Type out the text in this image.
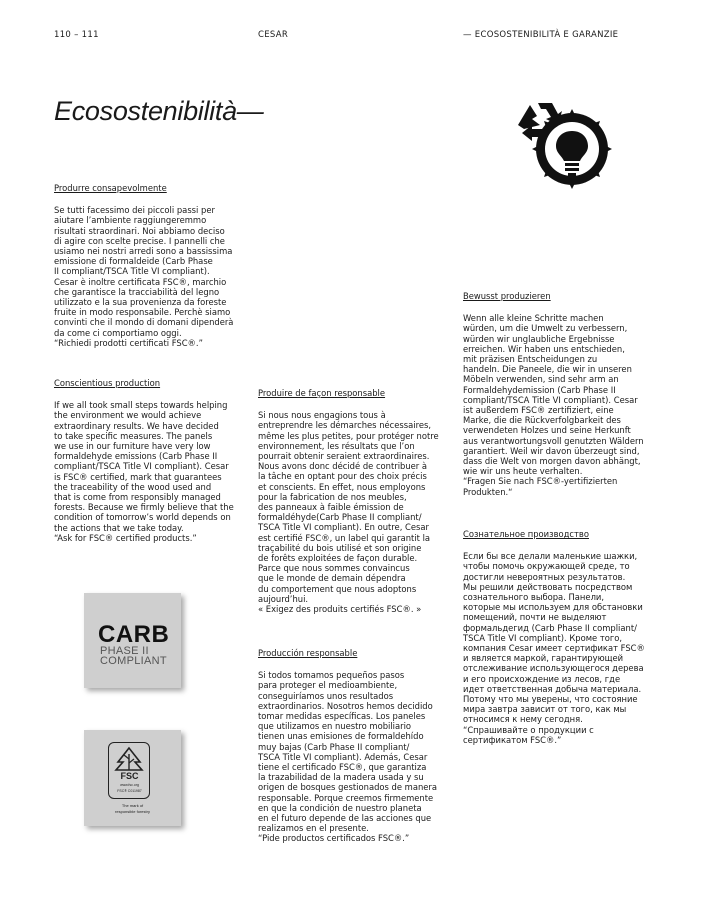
110 – 111	CESAR	— ECOSOSTENIBILITÀ E GARANZIE
Ecosostenibilità—
Produrre consapevolmente
Se tutti facessimo dei piccoli passi per
aiutare l’ambiente raggiungeremmo
risultati straordinari. Noi abbiamo deciso
di agire con scelte precise. I pannelli che
usiamo nei nostri arredi sono a bassissima
emissione di formaldeide (Carb Phase
II compliant/TSCA Title VI compliant).
Cesar è inoltre certificata FSC®, marchio
che garantisce la tracciabilità del legno
utilizzato e la sua provenienza da foreste
fruite in modo responsabile. Perchè siamo
convinti che il mondo di domani dipenderà
da come ci comportiamo oggi.
“Richiedi prodotti certificati FSC®.”
Conscientious production
If we all took small steps towards helping
the environment we would achieve
extraordinary results. We have decided
to take specific measures. The panels
we use in our furniture have very low
formaldehyde emissions (Carb Phase II
compliant/TSCA Title VI compliant). Cesar
is FSC® certified, mark that guarantees
the traceability of the wood used and
that is come from responsibly managed
forests. Because we firmly believe that the
condition of tomorrow’s world depends on
the actions that we take today.
“Ask for FSC® certified products.”
Produire de façon responsable
Si nous nous engagions tous à
entreprendre les démarches nécessaires,
même les plus petites, pour protéger notre
environnement, les résultats que l’on
pourrait obtenir seraient extraordinaires.
Nous avons donc décidé de contribuer à
la tâche en optant pour des choix précis
et conscients. En effet, nous employons
pour la fabrication de nos meubles,
des panneaux à faible émission de
formaldéhyde(Carb Phase II compliant/
TSCA Title VI compliant). En outre, Cesar
est certifié FSC®, un label qui garantit la
traçabilité du bois utilisé et son origine
de forêts exploitées de façon durable.
Parce que nous sommes convaincus
que le monde de demain dépendra
du comportement que nous adoptons
aujourd’hui.
« Exigez des produits certifiés FSC®. »
Producción responsable
Si todos tomamos pequeños pasos
para proteger el medioambiente,
conseguiríamos unos resultados
extraordinarios. Nosotros hemos decidido
tomar medidas específicas. Los paneles
que utilizamos en nuestro mobiliario
tienen unas emisiones de formaldehído
muy bajas (Carb Phase II compliant/
TSCA Title VI compliant). Además, Cesar
tiene el certificado FSC®, que garantiza
la trazabilidad de la madera usada y su
origen de bosques gestionados de manera
responsable. Porque creemos firmemente
en que la condición de nuestro planeta
en el futuro depende de las acciones que
realizamos en el presente.
“Pide productos certificados FSC®.”
Bewusst produzieren
Wenn alle kleine Schritte machen
würden, um die Umwelt zu verbessern,
würden wir unglaubliche Ergebnisse
erreichen. Wir haben uns entschieden,
mit präzisen Entscheidungen zu
handeln. Die Paneele, die wir in unseren
Möbeln verwenden, sind sehr arm an
Formaldehydemission (Carb Phase II
compliant/TSCA Title VI compliant). Cesar
ist außerdem FSC® zertifiziert, eine
Marke, die die Rückverfolgbarkeit des
verwendeten Holzes und seine Herkunft
aus verantwortungsvoll genutzten Wäldern
garantiert. Weil wir davon überzeugt sind,
dass die Welt von morgen davon abhängt,
wie wir uns heute verhalten.
“Fragen Sie nach FSC®-yertifizierten
Produkten.“
Сознательное производство
Если бы все делали маленькие шажки,
чтобы помочь окружающей среде, то
достигли невероятных результатов.
Мы решили действовать посредством
сознательного выбора. Панели,
которые мы используем для обстановки
помещений, почти не выделяют
формальдегид (Carb Phase II compliant/
TSCA Title VI compliant). Кроме того,
компания Cesar имеет сертификат FSC®
и является маркой, гарантирующей
отслеживание использующегося дерева
и его происхождение из лесов, где
идет ответственная добыча материала.
Потому что мы уверены, что состояние
мира завтра зависит от того, как мы
относимся к нему сегодня.
“Спрашивайте о продукции с
сертификатом FSC®.”
CARB
PHASE II
COMPLIANT
FSC
www.fsc.org
FSC® C011987
The mark of
responsible forestry
